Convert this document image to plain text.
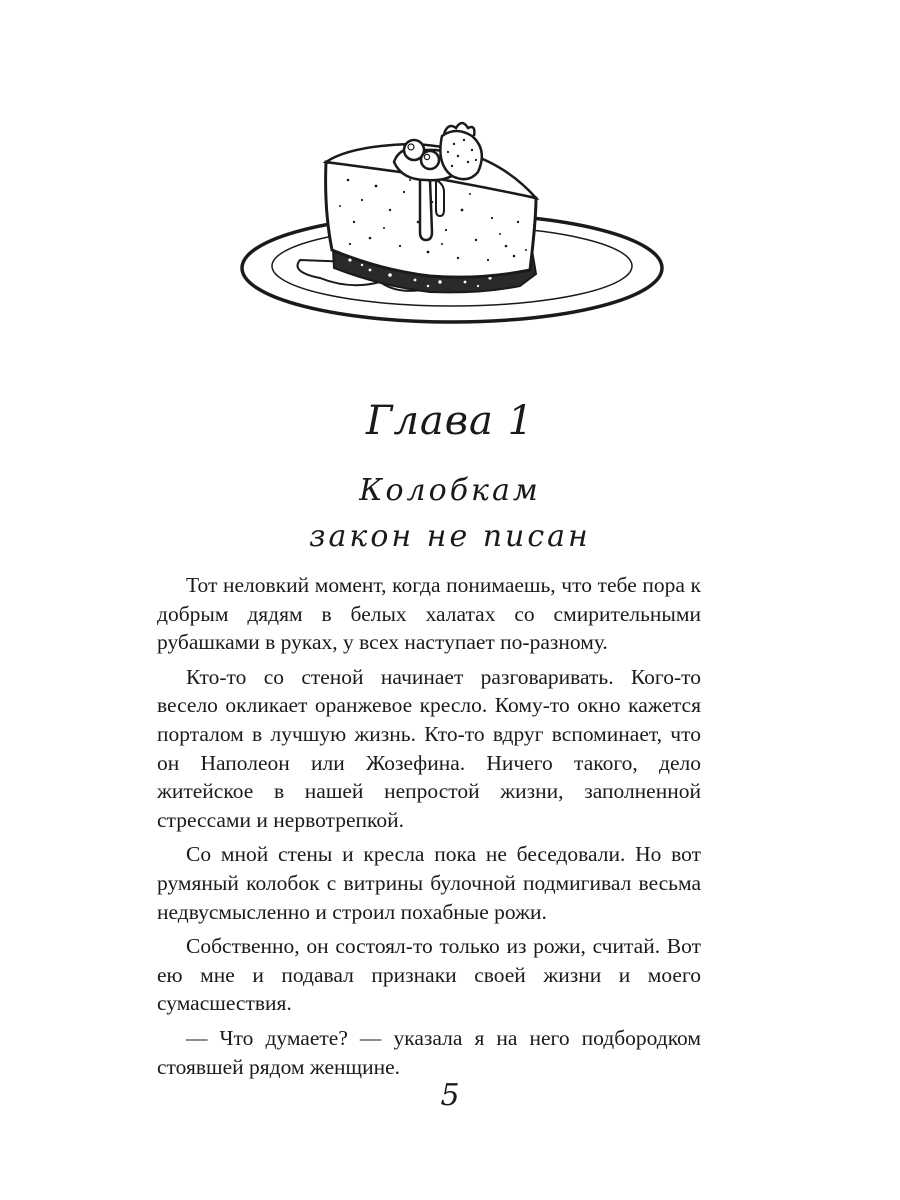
Глава 1
Колобкам
закон не писан

Тот неловкий момент, когда понимаешь, что тебе пора к добрым дядям в белых халатах со смирительными рубашками в руках, у всех наступает по-разному.

Кто-то со стеной начинает разговаривать. Кого-то весело окликает оранжевое кресло. Кому-то окно кажется порталом в лучшую жизнь. Кто-то вдруг вспоминает, что он Наполеон или Жозефина. Ничего такого, дело житейское в нашей непростой жизни, заполненной стрессами и нервотрепкой.

Со мной стены и кресла пока не беседовали. Но вот румяный колобок с витрины булочной подмигивал весьма недвусмысленно и строил похабные рожи.

Собственно, он состоял-то только из рожи, считай. Вот ею мне и подавал признаки своей жизни и моего сумасшествия.

— Что думаете? — указала я на него подбородком стоявшей рядом женщине.

5
